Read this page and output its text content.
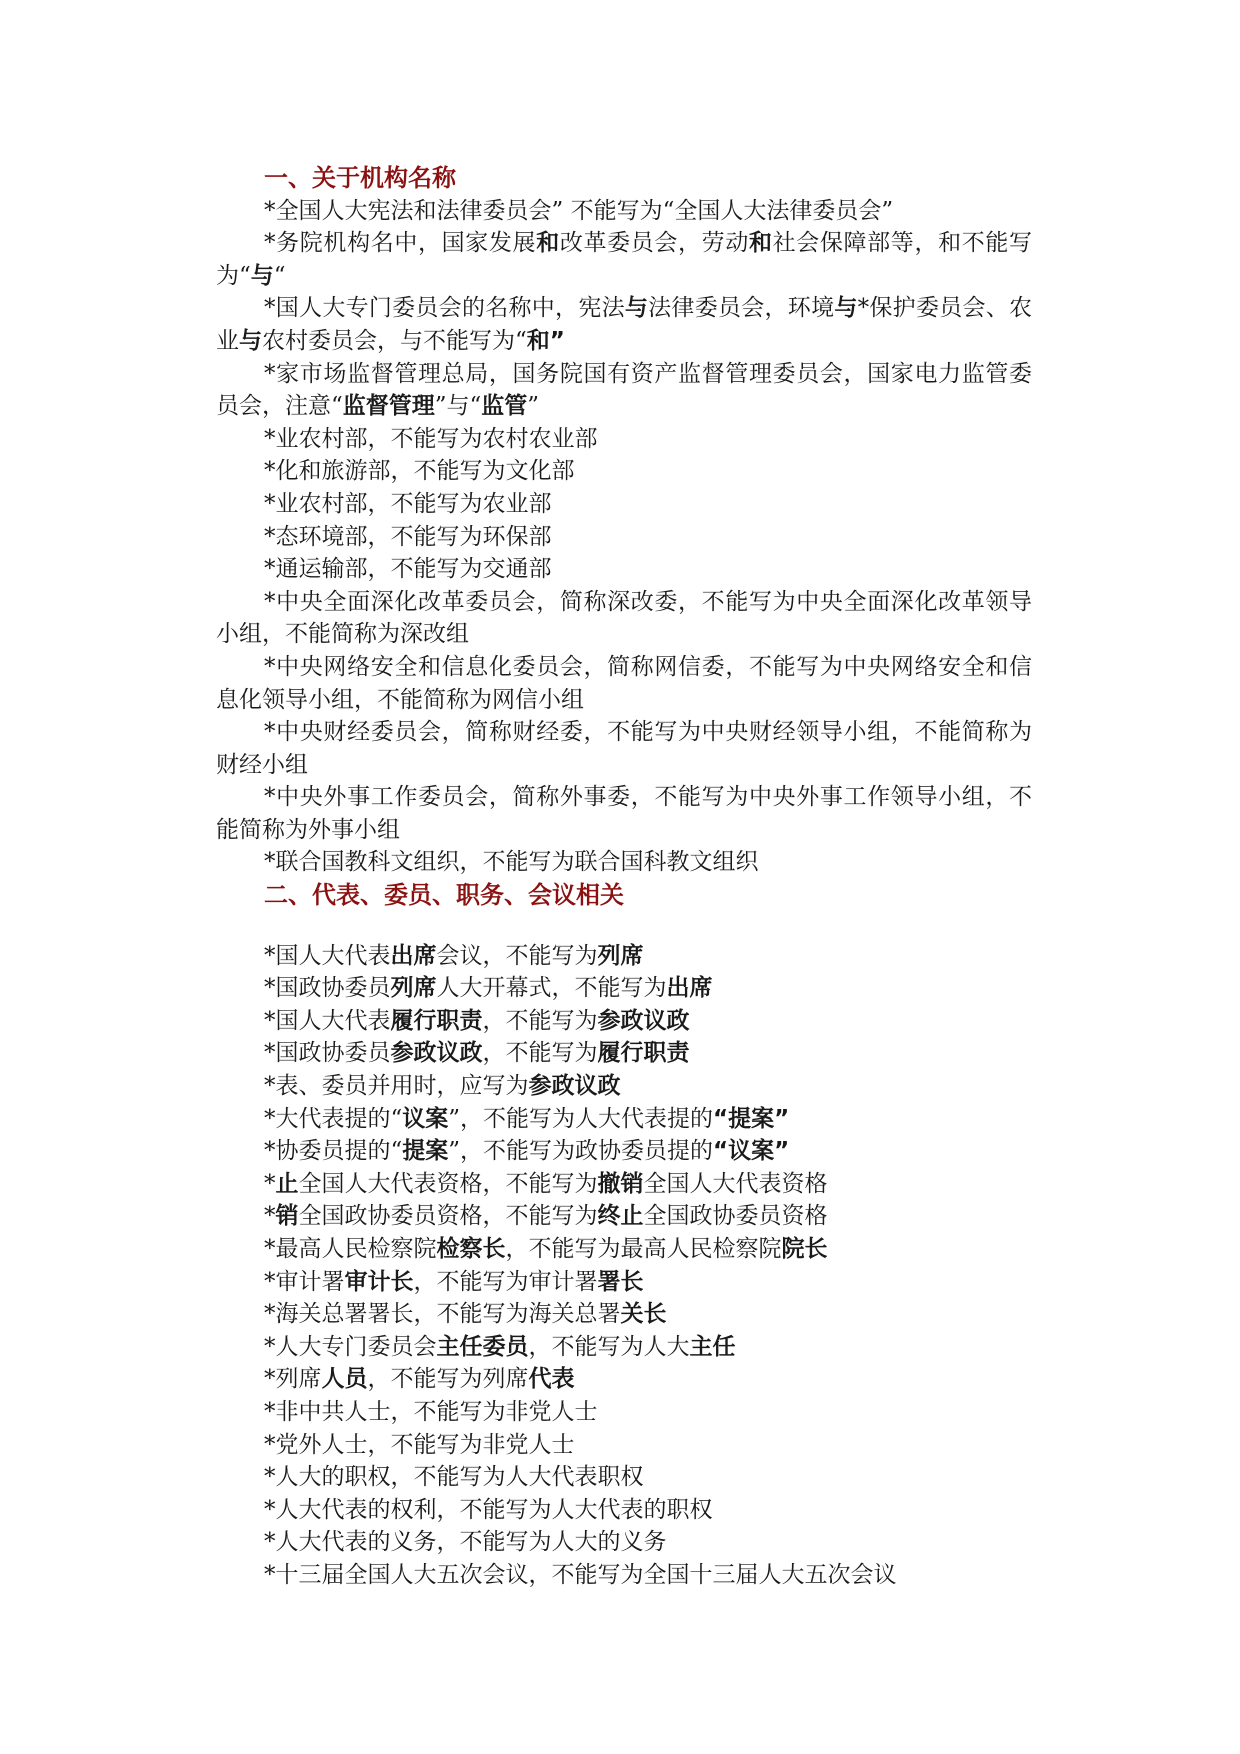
一、关于机构名称

*全国人大宪法和法律委员会” 不能写为“全国人大法律委员会”

*务院机构名中，国家发展和改革委员会，劳动和社会保障部等，和不能写为“与“

*国人大专门委员会的名称中，宪法与法律委员会，环境与*保护委员会、农业与农村委员会，与不能写为“和”

*家市场监督管理总局，国务院国有资产监督管理委员会，国家电力监管委员会，注意“监督管理”与“监管”

*业农村部，不能写为农村农业部

*化和旅游部，不能写为文化部

*业农村部，不能写为农业部

*态环境部，不能写为环保部

*通运输部，不能写为交通部

*中央全面深化改革委员会，简称深改委，不能写为中央全面深化改革领导小组，不能简称为深改组

*中央网络安全和信息化委员会，简称网信委，不能写为中央网络安全和信息化领导小组，不能简称为网信小组

*中央财经委员会，简称财经委，不能写为中央财经领导小组，不能简称为财经小组

*中央外事工作委员会，简称外事委，不能写为中央外事工作领导小组，不能简称为外事小组

*联合国教科文组织，不能写为联合国科教文组织

二、代表、委员、职务、会议相关

*国人大代表出席会议，不能写为列席

*国政协委员列席人大开幕式，不能写为出席

*国人大代表履行职责，不能写为参政议政

*国政协委员参政议政，不能写为履行职责

*表、委员并用时，应写为参政议政

*大代表提的“议案”，不能写为人大代表提的“提案”

*协委员提的“提案”，不能写为政协委员提的“议案”

*止全国人大代表资格，不能写为撤销全国人大代表资格

*销全国政协委员资格，不能写为终止全国政协委员资格

*最高人民检察院检察长，不能写为最高人民检察院院长

*审计署审计长，不能写为审计署署长

*海关总署署长，不能写为海关总署关长

*人大专门委员会主任委员，不能写为人大主任

*列席人员，不能写为列席代表

*非中共人士，不能写为非党人士

*党外人士，不能写为非党人士

*人大的职权，不能写为人大代表职权

*人大代表的权利，不能写为人大代表的职权

*人大代表的义务，不能写为人大的义务

*十三届全国人大五次会议，不能写为全国十三届人大五次会议
